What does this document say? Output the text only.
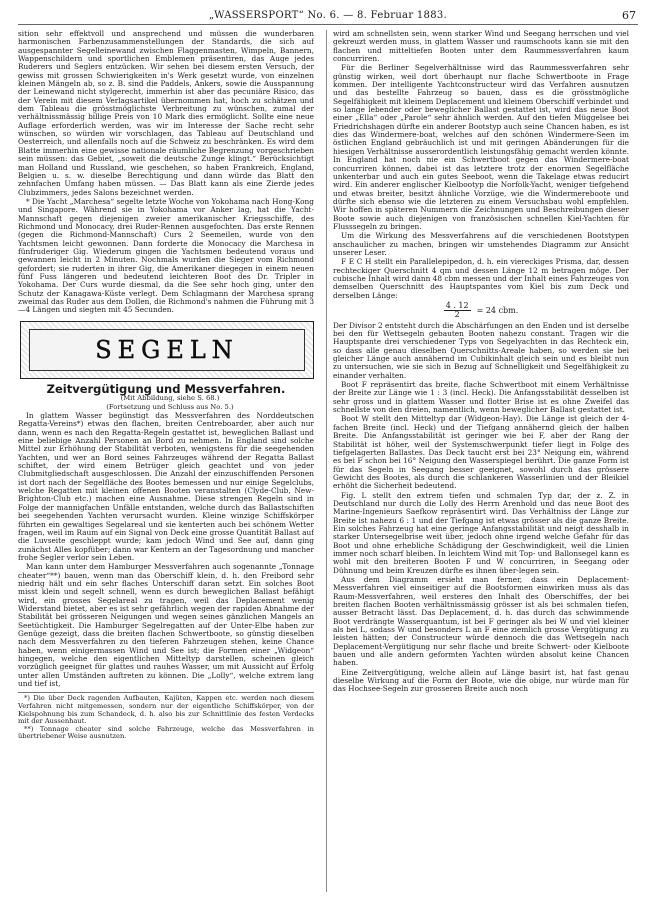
„WASSERSPORT“ No. 6. — 8. Februar 1883.	67

sition sehr effektvoll und ansprechend und müssen die wunderbaren harmonischen Farbenzusammenstellungen der Standards, die sich auf ausgespannter Segelleinewand zwischen Flaggenmasten, Wimpeln, Bannern, Wappenschildern und sportlichen Emblemen präsentiren, das Auge jedes Ruderers und Seglers entzücken. Wir sehen bei diesem ersten Versuch, der gewiss mit grossen Schwierigkeiten in's Werk gesetzt wurde, von einzelnen kleinen Mängeln ab, so z. B. sind die Paddels, Ankers, sowie die Ausspannung der Leinewand nicht stylgerecht, immerhin ist aber das pecuniäre Risico, das der Verein mit diesem Verlagsartikel übernommen hat, hoch zu schätzen und dem Tableau die grösstmöglichste Verbreitung zu wünschen, zumal der verhältnissmässig billige Preis von 10 Mark dies ermöglicht. Sollte eine neue Auflage erforderlich werden, was wir im Interesse der Sache recht sehr wünschen, so würden wir vorschlagen, das Tableau auf Deutschland und Oesterreich, und allenfalls noch auf die Schweiz zu beschränken. Es wird dem Blatte immerhin eine gewisse nationale räumliche Begrenzung vorgeschrieben sein müssen: das Gebiet, „soweit die deutsche Zunge klingt.“ Berücksichtigt man Holland und Russland, wie geschehen, so haben Frankreich, England, Belgien u. s. w. dieselbe Berechtigung und dann würde das Blatt den zehnfachen Umfang haben müssen. — Das Blatt kann als eine Zierde jedes Clubzimmers, jedes Salons bezeichnet werden.

* Die Yacht „Marchesa“ segelte letzte Woche von Yokohama nach Hong-Kong und Singapore. Während sie in Yokohama vor Anker lag, hat die Yacht-Mannschaft gegen diejenigen zweier amerikanischer Kriegsschiffe, des Richmond und Monocacy, drei Ruder-Rennen ausgefochten. Das erste Rennen (gegen die Richmond-Mannschaft) Curs 2 Seemeilen, wurde von den Yachtsmen leicht gewonnen. Dann forderte die Monocacy die Marchesa in fünfruderiger Gig. Wiederum gingen die Yachtsmen bedeutend voraus und gewannen leicht in 2 Minuten. Nochmals wurden die Sieger vom Richmond gefordert; sie ruderten in ihrer Gig, die Amerikaner diegegen in einem neuen fünf Fuss längeren und bedeutend leichteren Boot des Dr. Tripler in Yokohama. Der Curs wurde diesmal, da die See sehr hoch ging, unter den Schutz der Kanagawa-Küste verlegt. Dem Schlagmann der Marchesa sprang zweimal das Ruder aus dem Dollen, die Richmond's nahmen die Führung mit 3—4 Längen und siegten mit 45 Secunden.

SEGELN
Zeitvergütigung und Messverfahren.

(Mit Abbildung, siehe S. 68.)

(Fortsetzung und Schluss aus No. 5.)

In glattem Wasser begünstigt das Messverfahren des Norddeutschen Regatta-Vereins*) etwas den flachen, breiten Centreboarder, aber auch nur dann, wenn es nach den Regatta-Regeln gestattet ist, beweglichen Ballast und eine beliebige Anzahl Personen an Bord zu nehmen. In England sind solche Mittel zur Erhöhung der Stabilität verboten, wenigstens für die seegehenden Yachten, und wer an Bord seines Fahrzeuges während der Regatta Ballast schiftet, der wird einem Betrüger gleich geachtet und von jeder Clubmitgliedschaft ausgeschlossen. Die Anzahl der einzuschiffenden Personen ist dort nach der Segelfläche des Bootes bemessen und nur einige Segelclubs, welche Regatten mit kleinen offenen Booten veranstalten (Clyde-Club, New-Brighton-Club etc.) machen eine Ausnahme. Diese strengen Regeln sind in Folge der mannigfachen Unfälle entstanden, welche durch das Ballastschiften bei seegehenden Yachten verursacht wurden. Kleine winzige Schiffskörper führten ein gewaltiges Segelareal und sie kenterten auch bei schönem Wetter fragen, weil im Raum auf ein Signal von Deck eine grosse Quantität Ballast auf die Luvseite geschleppt wurde; kam jedoch Wind und See auf, dann ging zunächst Alles kopfüber; dann war Kentern an der Tagesordnung und mancher frohe Segler verlor sein Leben.

Man kann unter dem Hamburger Messverfahren auch sogenannte „Tonnage cheater“**) bauen, wenn man das Oberschiff klein, d. h. den Freibord sehr niedrig hält und ein sehr flaches Unterschiff daran setzt. Ein solches Boot misst klein und segelt schnell, wenn es durch beweglichen Ballast befähigt wird, ein grosses Segelareal zu tragen, weil das Deplacement wenig Widerstand bietet, aber es ist sehr gefährlich wegen der rapiden Abnahme der Stabilität bei grösseren Neigungen und wegen seines gänzlichen Mangels an Seetüchtigkeit. Die Hamburger Segelregatten auf der Unter-Elbe haben zur Genüge gezeigt, dass die breiten flachen Schwertboote, so günstig dieselben nach dem Messverfahren zu den tieferen Fahrzeugen stehen, keine Chance haben, wenn einigermassen Wind und See ist; die Formen einer „Widgeon“ hingegen, welche den eigentlichen Mitteltyp darstellen, scheinen gleich vorzüglich geeignet für glattes und rauhes Wasser, um mit Aussicht auf Erfolg unter allen Umständen auftreten zu können. Die „Lolly“, welche extrem lang und tief ist,

*) Die über Deck ragenden Aufbauten, Kajüten, Kappen etc. werden nach diesem Verfahren nicht mitgemessen, sondern nur der eigentliche Schiffskörper, von der Kielspohnung bis zum Schandeck, d. h. also bis zur Schnittlinie des festen Verdecks mit der Aussenhaut.

**) Tonnage cheater sind solche Fahrzeuge, welche das Messverfahren in übertriebener Weise ausnutzen.

wird am schnellsten sein, wenn starker Wind und Seegang herrschen und viel gekreuzt werden muss, in glattem Wasser und raumschoots kann sie mit den flachen und mitteltiefen Booten unter dem Raummessverfahren kaum concurriren.

Für die Berliner Segelverhältnisse wird das Raummessverfahren sehr günstig wirken, weil dort überhaupt nur flache Schwertboote in Frage kommen. Der intelligente Yachtconstructeur wird das Verfahren ausnutzen und das bestellte Fahrzeug so bauen, dass es die grösstmögliche Segelfähigkeit mit kleinem Deplacement und kleinem Oberschiff verbindet und so lange lebender oder beweglicher Ballast gestattet ist, wird das neue Boot einer „Ella“ oder „Parole“ sehr ähnlich werden. Auf den tiefen Müggelsee bei Friedrichshagen dürfte ein anderer Bootstyp auch seine Chancen haben, es ist dies das Windermere-boat, welches auf den schönen Windermere-Seen im östlichen England gebräuchlich ist und mit geringen Abänderungen für die hiesigen Verhältnisse ausserordentlich leistungsfähig gemacht werden könnte. In England hat noch nie ein Schwertboot gegen das Windermere-boat concurriren können, dabei ist das letztere trotz der enormen Segelfläche unkenterbar und auch ein gutes Seeboot, wenn die Takelage etwas reducirt wird. Ein anderer englischer Kielbootyp die Norfolk-Yacht, weniger tiefgehend und etwas breiter, besitzt ähnliche Vorzüge, wie die Windermereboote und dürfte sich ebenso wie die letzteren zu einem Versuchsbau wohl empfehlen. Wir hoffen in späteren Nummern die Zeichnungen und Beschreibungen dieser Boote sowie auch diejenigen von französischen schnellen Kiel-Yachten für Flusssegeln zu bringen.

Um die Wirkung des Messverfahrens auf die verschiedenen Bootstypen anschaulicher zu machen, bringen wir umstehendes Diagramm zur Ansicht unserer Leser.

F E C H stellt ein Parallelepipedon, d. h. ein viereckiges Prisma, dar, dessen rechteckiger Querschnitt 4 qm und dessen Länge 12 m betragen möge. Der cubische Inhalt wird dann 48 cbm messen und der Inhalt eines Fahrzeuges von demselben Querschnitt des Hauptspantes vom Kiel bis zum Deck und derselben Länge:

$\frac{4 . 12}{2} = 24$ cbm.

Der Divisor 2 entsteht durch die Abschärfungen an den Enden und ist derselbe bei den für Wettsegeln gebauten Booten nahezu constant. Tragen wir die Hauptspante drei verschiedener Typs von Segelyachten in das Rechteck ein, so dass alle genau dieselben Querschnitts-Areale haben, so werden sie bei gleicher Länge auch annähernd im Cubikinhalt gleich sein und es bleibt nun zu untersuchen, wie sie sich in Bezug auf Schnelligkeit und Segelfähigkeit zu einander verhalten.

Boot F repräsentirt das breite, flache Schwertboot mit einem Verhältnisse der Breite zur Länge wie 1 : 3 (incl. Heck). Die Anfangsstabilität desselben ist sehr gross und in glattem Wasser und flotter Brise ist es ohne Zweifel das schnellste von den dreien, namentlich, wenn beweglicher Ballast gestattet ist.

Boot W stellt den Mitteltyp dar (Widgeon-Hay). Die Länge ist gleich der 4-fachen Breite (incl. Heck) und der Tiefgang annähernd gleich der halben Breite. Die Anfangsstabilität ist geringer wie bei F, aber der Rang der Stabilität ist höher, weil der Systemschwerpunkt tiefer liegt in Folge des tiefgelagerten Ballastes. Das Deck taucht erst bei 23° Neigung ein, während es bei F schon bei 16° Neigung den Wasserspiegel berührt. Die ganze Form ist für das Segeln in Seegang besser geeignet, sowohl durch das grössere Gewicht des Bootes, als durch die schlankeren Wasserlinien und der Bleikiel erhöht die Sicherheit bedeutend.

Fig. L stellt den extrem tiefen und schmalen Typ dar, der z. Z. in Deutschland nur durch die Lolly des Herrn Arenhold und das neue Boot des Marine-Ingenieurs Saefkow repräsentirt wird. Das Verhältniss der Länge zur Breite ist nahezu 6 : 1 und der Tiefgang ist etwas grösser als die ganze Breite. Ein solches Fahrzeug hat eine geringe Anfangsstabilität und neigt desshalb in starker Untersegelbrise weit über, jedoch ohne irgend welche Gefahr für das Boot und ohne erhebliche Schädigung der Geschwindigkeit, weil die Linien immer noch scharf bleiben. In leichtem Wind mit Top- und Ballonsegel kann es wohl mit den breiteren Booten F und W concurriren, in Seegang oder Dühnung und beim Kreuzen dürfte es ihnen über-legen sein.

Aus dem Diagramm ersieht man ferner, dass ein Deplacement-Messverfahren viel einseitiger auf die Bootsformen einwirken muss als das Raum-Messverfahren, weil ersteres den Inhalt des Oberschiffes, der bei breiten flachen Booten verhältnissmässig grösser ist als bei schmalen tiefen, ausser Betracht lässt. Das Deplacement, d. h. das durch das schwimmende Boot verdrängte Wasserquantum, ist bei F geringer als bei W und viel kleiner als bei L, sodass W und besonders L an F eine ziemlich grosse Vergütigung zu leisten hätten; der Constructeur würde dennoch die das Wettsegeln nach Deplacement-Vergütigung nur sehr flache und breite Schwert- oder Kielboote bauen und alle andern geformten Yachten würden absolut keine Chancen haben.

Eine Zeitvergütigung, welche allein auf Länge basirt ist, hat fast genau dieselbe Wirkung auf die Form der Boote, wie die obige, nur würde man für das Hochsee-Segeln zur grosseren Breite auch noch
